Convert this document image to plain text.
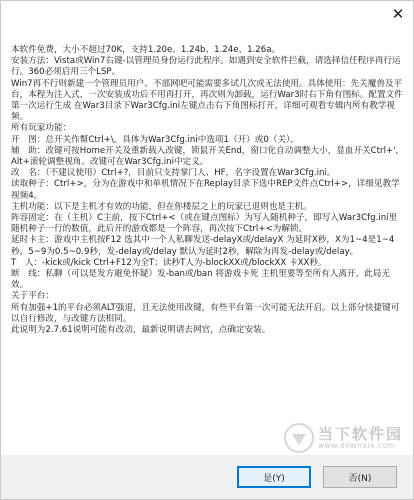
✕

本软件免费，大小不超过70K，支持1.20e、1.24b、1.24e、1.26a。

安装方法：Vista或Win7右键-以管理员身份运行此程序。如遇到安全软件拦截，请选择信任程序再行运行。360必须启用三个LSP。

Win7再不行则新建一个管理员用户。不部网吧可能需要多试几次或无法使用。具体使用：先关魔兽及平台，本程为注入式，一次安装成功后不用再打开，再次则为卸载，运行War3时右下角有图标。配置文件第一次运行生成 在War3目录下War3Cfg.ini左键点击右下角图标打开，详细可观看专辑内所有教学视频。

所有玩家功能：

开　图：总开关作幫Ctrl+\。具体为War3Cfg.ini中选项1（开）或0（关）。

辅　助：改键可按Home开关及重新载入改键，锁鼠开关End，窗口化自动调整大小，显血开关Ctrl+'，Alt+滚轮调整视角。改键可在War3Cfg.ini中定义。

改　名：（不建议使用）Ctrl+?，目前只支持掌门人、HF，名字设置在War3Cfg.ini。

读取种子：Ctrl+>，分为在游戏中和单机情况下在Replay目录下选中REP文件点Ctrl+>，详细见教学视频4。

主机功能：以下是主机才有效的功能，但在你楼层之上的玩家已退则也是主机。

阵容固定：在（主机）C主前，按下Ctrl+<（或在键点图标）为写入随机种子，即写入War3Cfg.ini里随机种子一行的数值，此后开的游戏都是一个阵容，再次按下Ctrl+<为解锁。

延时卡主：游戏中主机按F12 选其中一个人私聊发送-delayX或/delayX 为延时X秒，X为1~4是1~4秒，5~9为0.5~0.9秒，发-delay或/delay 默认为延时2秒，解除为再发-delay或/delay。

T　人：-kick或/kick Ctrl+F12为全T；读秒T人为-blockXX或/blockXX 卡XX秒。

断　线：私聊（可以是发方避免怀疑）发-ban或/ban 将游戏卡死 主机里要等至所有人离开，此局无效。

关于平台：

所有加强+1的平台必须ALT强退，且无法使用改键，有些平台第一次可能无法开启。以上部分快捷键可以自行修改，与改键方法相同。

此说明为2.7.61说明可能有改动，最新说明请去网官，点确定安装。

当下软件园
www.downxia.com
是(Y)	否(N)
